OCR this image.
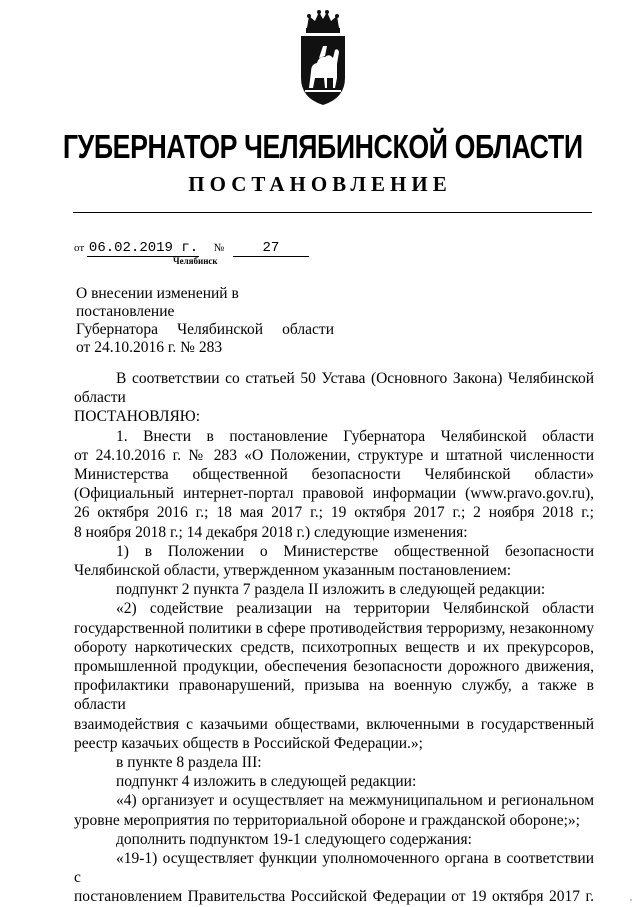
ГУБЕРНАТОР ЧЕЛЯБИНСКОЙ ОБЛАСТИ
ПОСТАНОВЛЕНИЕ
от 06.02.2019 г. №	27
Челябинск
О внесении изменений в постановление
Губернатора Челябинской области
от 24.10.2016 г. № 283

В соответствии со статьей 50 Устава (Основного Закона) Челябинской

области

ПОСТАНОВЛЯЮ:

1. Внести в постановление Губернатора Челябинской области

от 24.10.2016 г. № 283 «О Положении, структуре и штатной численности

Министерства общественной безопасности Челябинской области»

(Официальный интернет-портал правовой информации (www.pravo.gov.ru),

26 октября 2016 г.; 18 мая 2017 г.; 19 октября 2017 г.; 2 ноября 2018 г.;

8 ноября 2018 г.; 14 декабря 2018 г.) следующие изменения:

1) в Положении о Министерстве общественной безопасности

Челябинской области, утвержденном указанным постановлением:

подпункт 2 пункта 7 раздела II изложить в следующей редакции:

«2) содействие реализации на территории Челябинской области

государственной политики в сфере противодействия терроризму, незаконному

обороту наркотических средств, психотропных веществ и их прекурсоров,

промышленной продукции, обеспечения безопасности дорожного движения,

профилактики правонарушений, призыва на военную службу, а также в области

взаимодействия с казачьими обществами, включенными в государственный

реестр казачьих обществ в Российской Федерации.»;

в пункте 8 раздела III:

подпункт 4 изложить в следующей редакции:

«4) организует и осуществляет на межмуниципальном и региональном

уровне мероприятия по территориальной обороне и гражданской обороне;»;

дополнить подпунктом 19-1 следующего содержания:

«19-1) осуществляет функции уполномоченного органа в соответствии с

постановлением Правительства Российской Федерации от 19 октября 2017 г.	,
